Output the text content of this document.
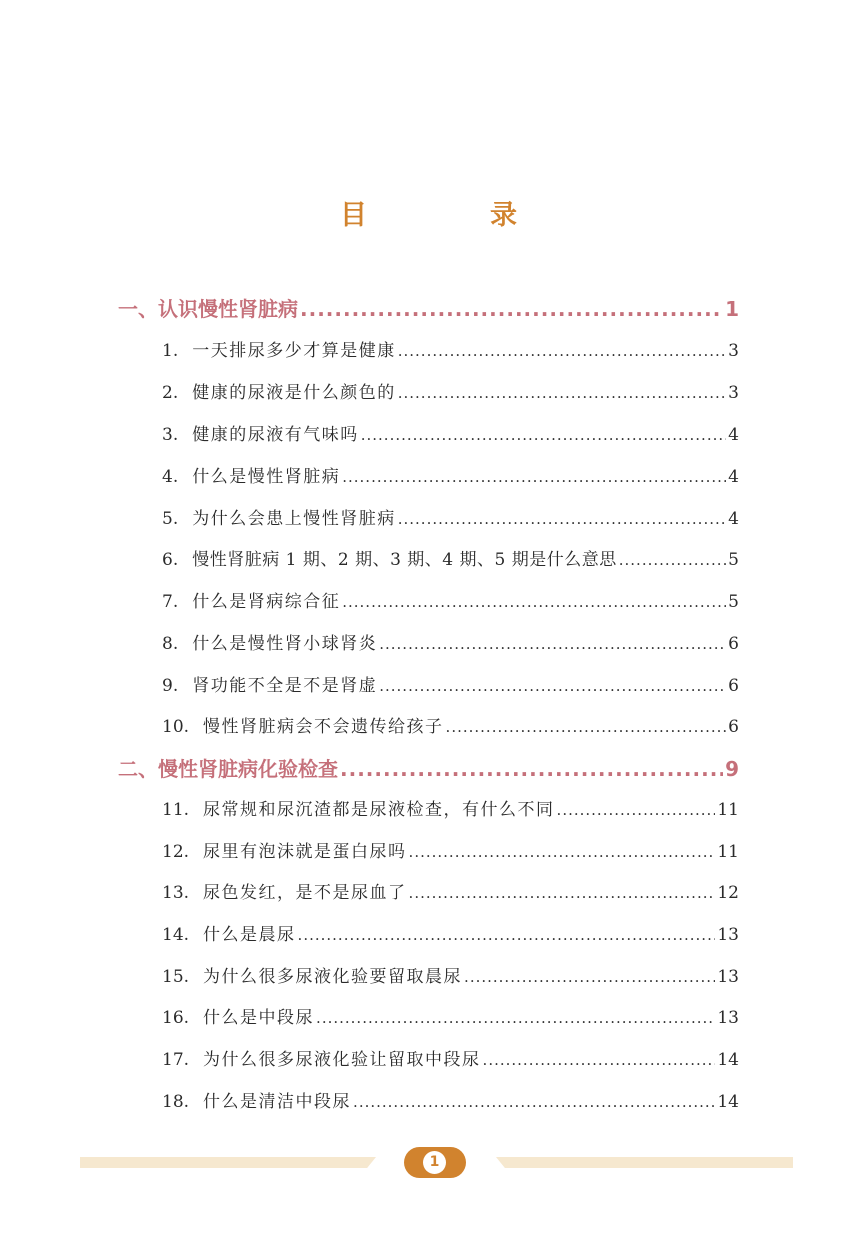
目　录
一、认识慢性肾脏病 .....	1
1. 一天排尿多少才算是健康 .....	3
2. 健康的尿液是什么颜色的 .....	3
3. 健康的尿液有气味吗 .....	4
4. 什么是慢性肾脏病 .....	4
5. 为什么会患上慢性肾脏病 .....	4
6. 慢性肾脏病 1 期、2 期、3 期、4 期、5 期是什么意思 .....	5
7. 什么是肾病综合征 .....	5
8. 什么是慢性肾小球肾炎 .....	6
9. 肾功能不全是不是肾虚 .....	6
10. 慢性肾脏病会不会遗传给孩子 .....	6
二、慢性肾脏病化验检查 .....	9
11. 尿常规和尿沉渣都是尿液检查，有什么不同 .....	11
12. 尿里有泡沫就是蛋白尿吗 .....	11
13. 尿色发红，是不是尿血了 .....	12
14. 什么是晨尿 .....	13
15. 为什么很多尿液化验要留取晨尿 .....	13
16. 什么是中段尿 .....	13
17. 为什么很多尿液化验让留取中段尿 .....	14
18. 什么是清洁中段尿 .....	14
1
